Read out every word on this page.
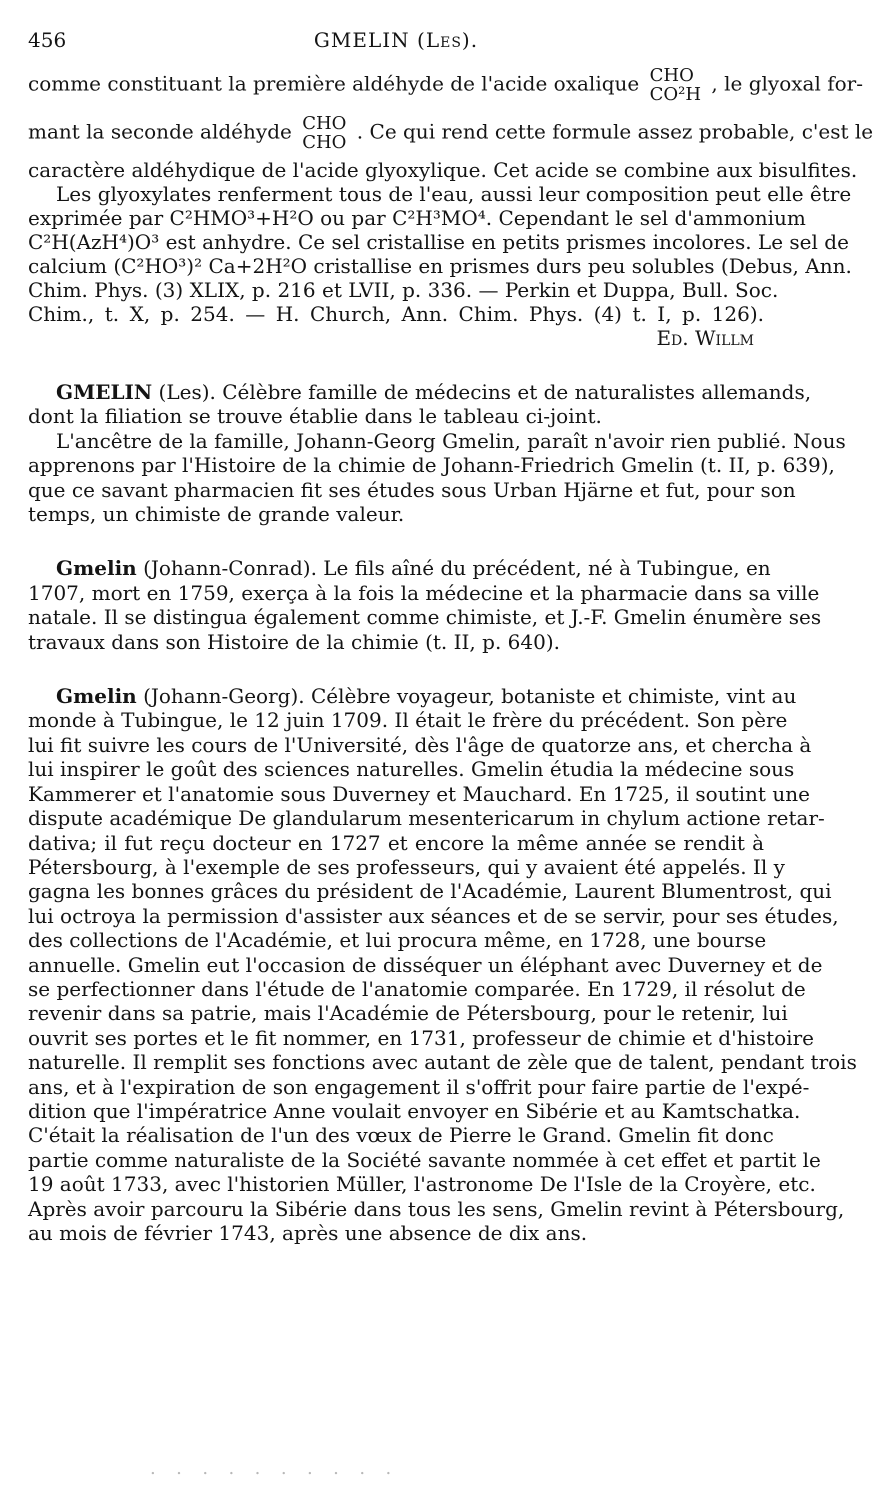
456	GMELIN (Les).

comme constituant la première aldéhyde de l'acide oxalique CHO
CO²H , le glyoxal for-

mant la seconde aldéhyde CHO
CHO . Ce qui rend cette formule assez probable, c'est le

caractère aldéhydique de l'acide glyoxylique. Cet acide se combine aux bisulfites.

Les glyoxylates renferment tous de l'eau, aussi leur composition peut elle être

exprimée par C²HMO³+H²O ou par C²H³MO⁴. Cependant le sel d'ammonium

C²H(AzH⁴)O³ est anhydre. Ce sel cristallise en petits prismes incolores. Le sel de

calcium (C²HO³)² Ca+2H²O cristallise en prismes durs peu solubles (Debus, Ann.

Chim. Phys. (3) XLIX, p. 216 et LVII, p. 336. — Perkin et Duppa, Bull. Soc.

Chim., t. X, p. 254. — H. Church, Ann. Chim. Phys. (4) t. I, p. 126).

Ed. Willm

GMELIN (Les). Célèbre famille de médecins et de naturalistes allemands,

dont la filiation se trouve établie dans le tableau ci-joint.

L'ancêtre de la famille, Johann-Georg Gmelin, paraît n'avoir rien publié. Nous

apprenons par l'Histoire de la chimie de Johann-Friedrich Gmelin (t. II, p. 639),

que ce savant pharmacien fit ses études sous Urban Hjärne et fut, pour son

temps, un chimiste de grande valeur.

Gmelin (Johann-Conrad). Le fils aîné du précédent, né à Tubingue, en

1707, mort en 1759, exerça à la fois la médecine et la pharmacie dans sa ville

natale. Il se distingua également comme chimiste, et J.-F. Gmelin énumère ses

travaux dans son Histoire de la chimie (t. II, p. 640).

Gmelin (Johann-Georg). Célèbre voyageur, botaniste et chimiste, vint au

monde à Tubingue, le 12 juin 1709. Il était le frère du précédent. Son père

lui fit suivre les cours de l'Université, dès l'âge de quatorze ans, et chercha à

lui inspirer le goût des sciences naturelles. Gmelin étudia la médecine sous

Kammerer et l'anatomie sous Duverney et Mauchard. En 1725, il soutint une

dispute académique De glandularum mesentericarum in chylum actione retar-

dativa; il fut reçu docteur en 1727 et encore la même année se rendit à

Pétersbourg, à l'exemple de ses professeurs, qui y avaient été appelés. Il y

gagna les bonnes grâces du président de l'Académie, Laurent Blumentrost, qui

lui octroya la permission d'assister aux séances et de se servir, pour ses études,

des collections de l'Académie, et lui procura même, en 1728, une bourse

annuelle. Gmelin eut l'occasion de disséquer un éléphant avec Duverney et de

se perfectionner dans l'étude de l'anatomie comparée. En 1729, il résolut de

revenir dans sa patrie, mais l'Académie de Pétersbourg, pour le retenir, lui

ouvrit ses portes et le fit nommer, en 1731, professeur de chimie et d'histoire

naturelle. Il remplit ses fonctions avec autant de zèle que de talent, pendant trois

ans, et à l'expiration de son engagement il s'offrit pour faire partie de l'expé-

dition que l'impératrice Anne voulait envoyer en Sibérie et au Kamtschatka.

C'était la réalisation de l'un des vœux de Pierre le Grand. Gmelin fit donc

partie comme naturaliste de la Société savante nommée à cet effet et partit le

19 août 1733, avec l'historien Müller, l'astronome De l'Isle de la Croyère, etc.

Après avoir parcouru la Sibérie dans tous les sens, Gmelin revint à Pétersbourg,

au mois de février 1743, après une absence de dix ans.

.  .  .  .  .  .  .  .  .  .
